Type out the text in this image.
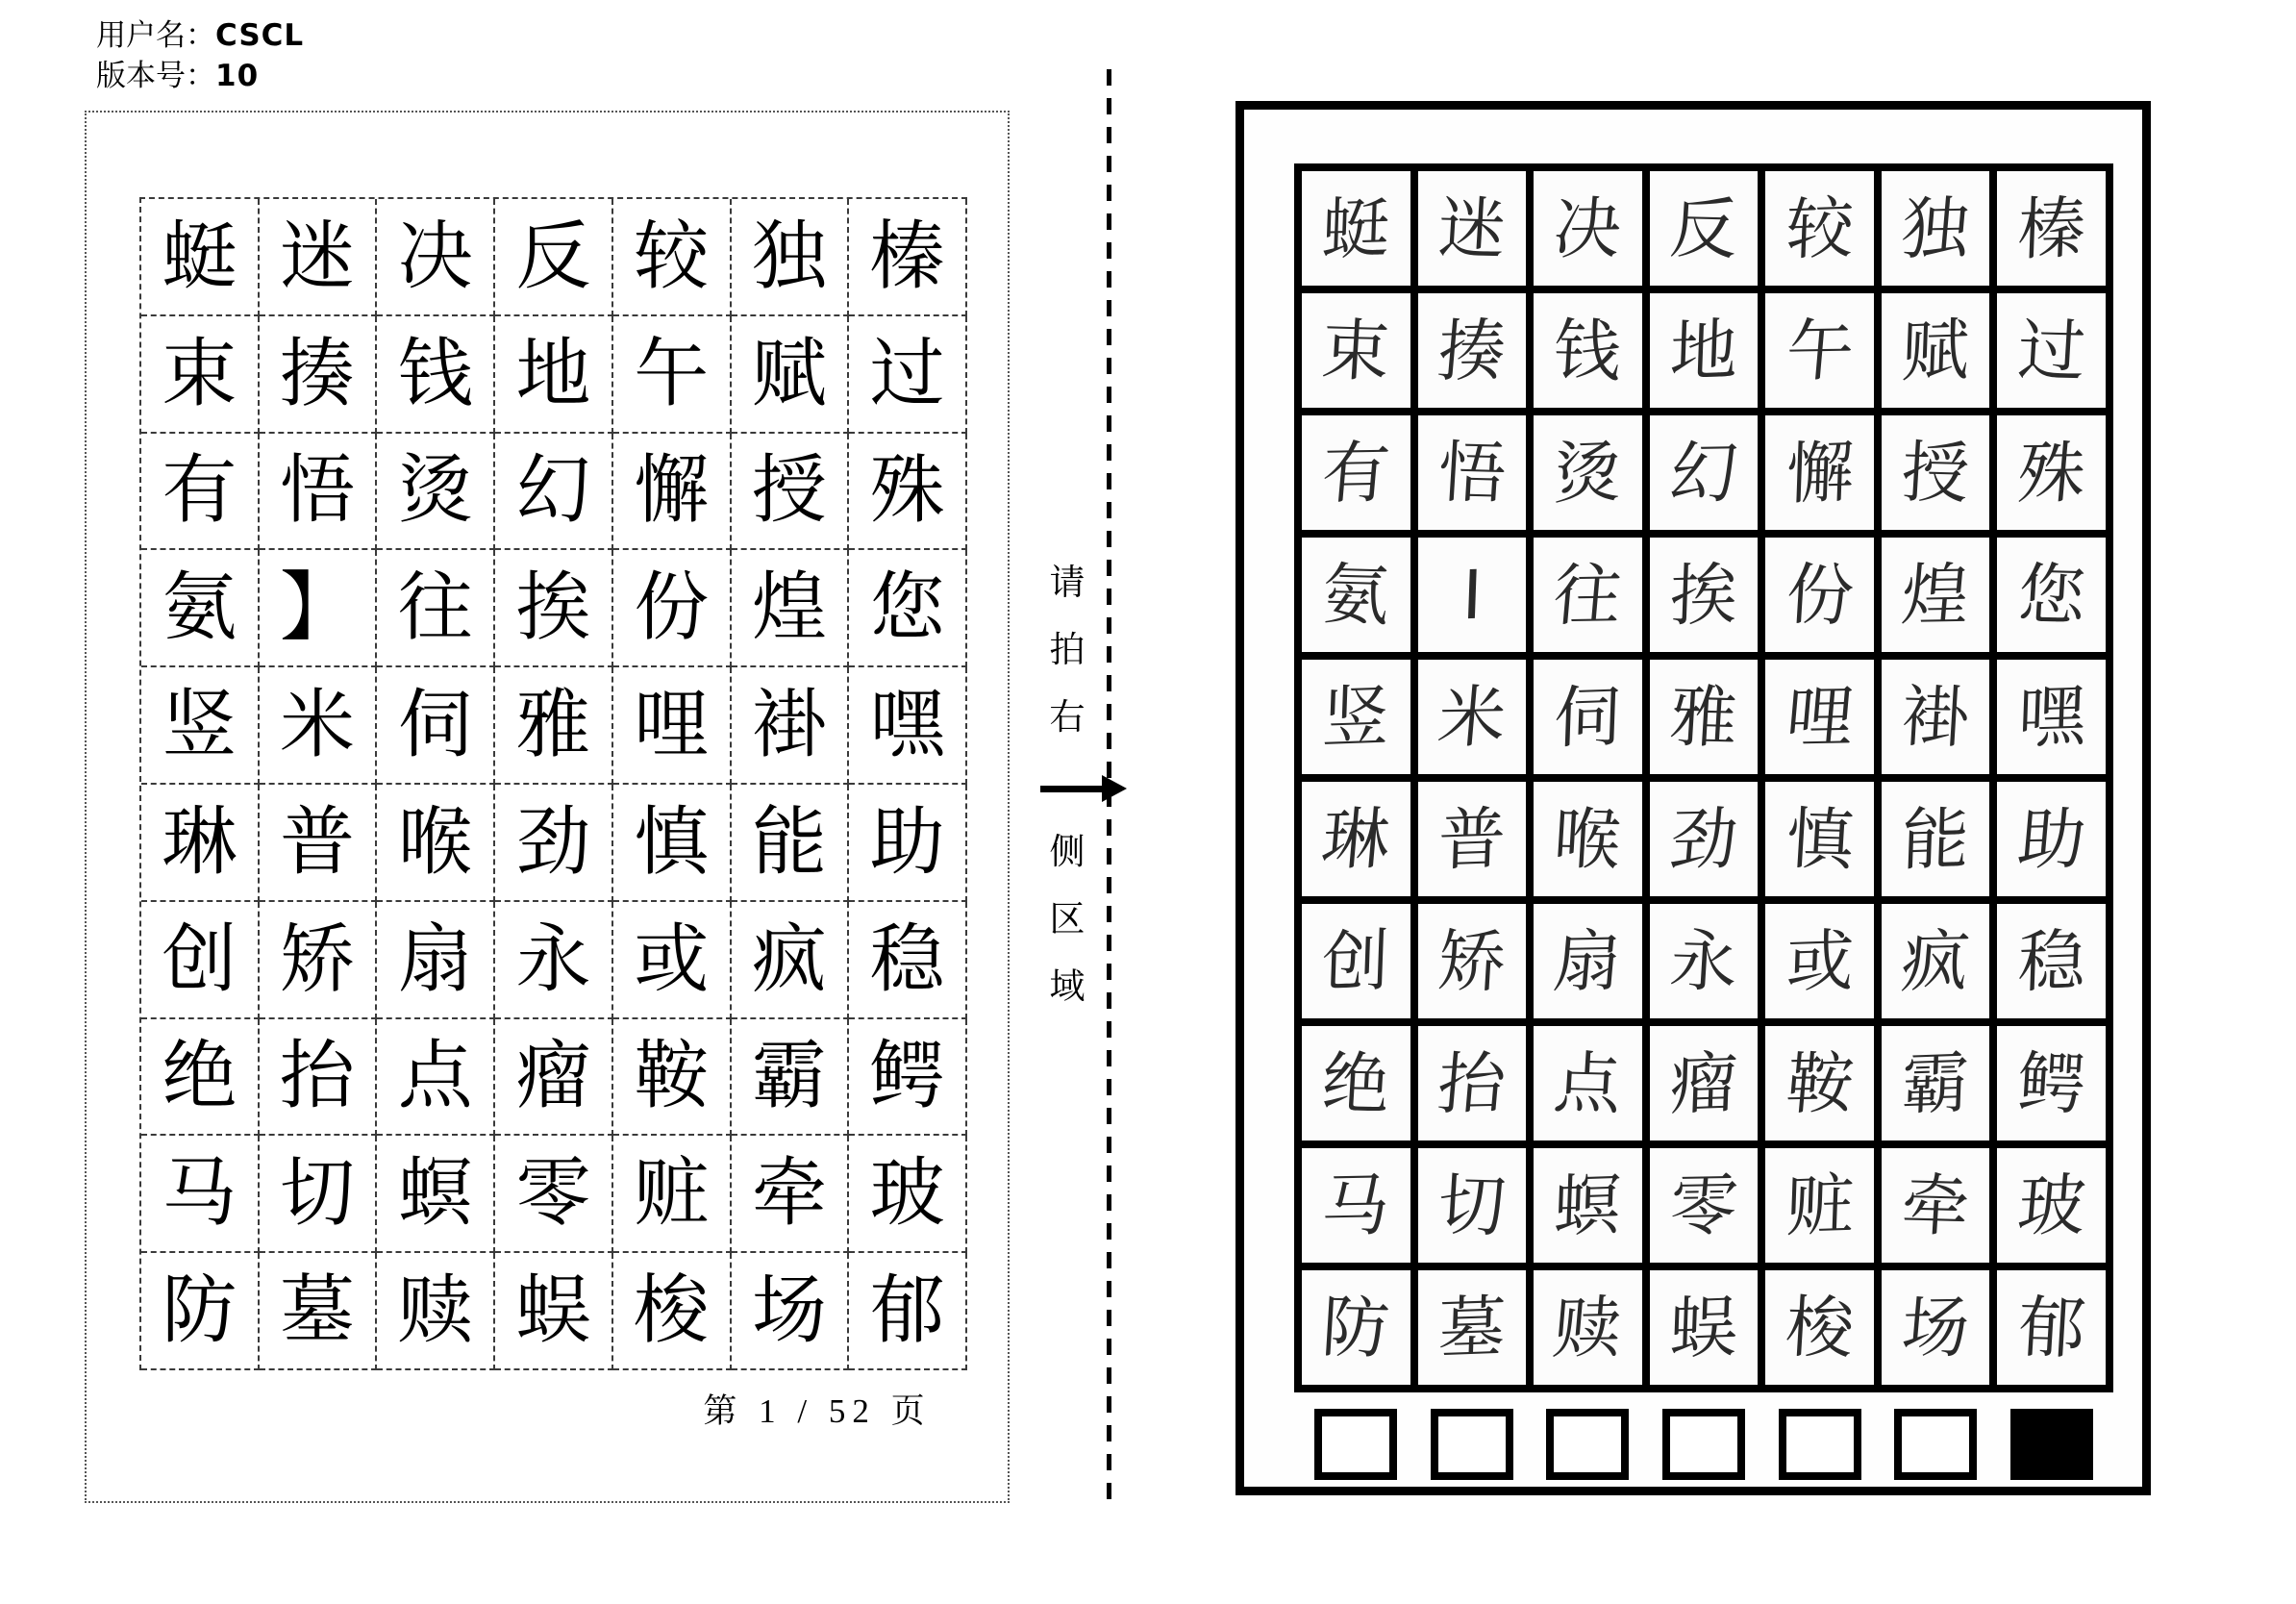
用户名：CSCL
版本号：10
蜓 迷 决 反 较 独 榛
束 揍 钱 地 午 赋 过
有 悟 烫 幻 懈 授 殊
氨 】 往 挨 份 煌 您
竖 米 伺 雅 哩 褂 嘿
琳 普 喉 劲 慎 能 助
创 矫 扇 永 或 疯 稳
绝 抬 点 瘤 鞍 霸 鳄
马 切 螟 零 赃 牵 玻
防 墓 赎 蜈 梭 场 郁
第 1 / 52 页
请
拍
右
侧
区
域
蜓 迷 决 反 较 独 榛
束 揍 钱 地 午 赋 过
有 悟 烫 幻 懈 授 殊
氨 I 往 挨 份 煌 您
竖 米 伺 雅 哩 褂 嘿
琳 普 喉 劲 慎 能 助
创 矫 扇 永 或 疯 稳
绝 抬 点 瘤 鞍 霸 鳄
马 切 螟 零 赃 牵 玻
防 墓 赎 蜈 梭 场 郁
